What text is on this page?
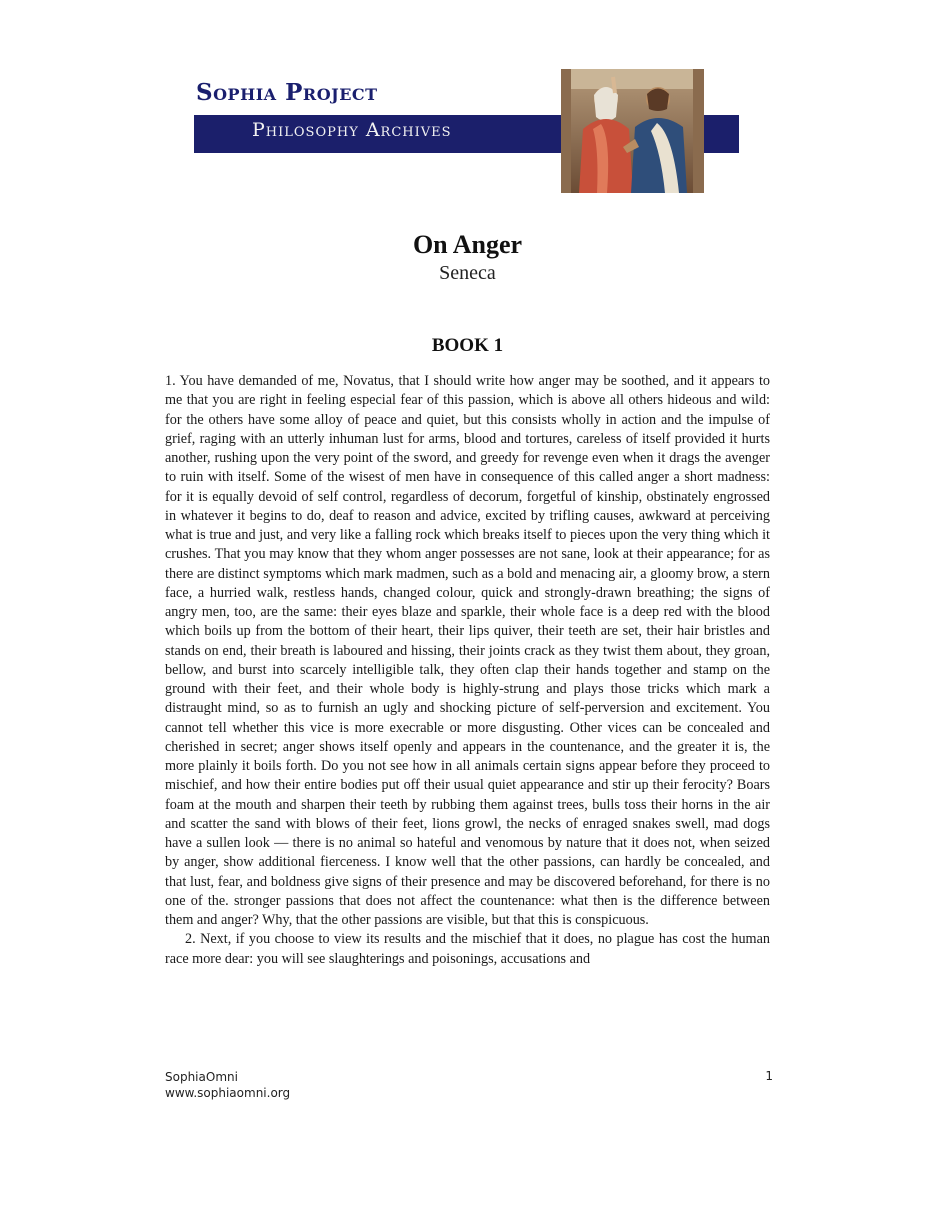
Sophia Project
Philosophy Archives
On Anger

Seneca

BOOK 1

1. You have demanded of me, Novatus, that I should write how anger may be soothed, and it appears to me that you are right in feeling especial fear of this passion, which is above all others hideous and wild: for the others have some alloy of peace and quiet, but this consists wholly in action and the impulse of grief, raging with an utterly inhuman lust for arms, blood and tortures, careless of itself provided it hurts another, rushing upon the very point of the sword, and greedy for revenge even when it drags the avenger to ruin with itself. Some of the wisest of men have in consequence of this called anger a short madness: for it is equally devoid of self control, regardless of decorum, forgetful of kinship, obstinately engrossed in whatever it begins to do, deaf to reason and advice, excited by trifling causes, awkward at perceiving what is true and just, and very like a falling rock which breaks itself to pieces upon the very thing which it crushes. That you may know that they whom anger possesses are not sane, look at their appearance; for as there are distinct symptoms which mark madmen, such as a bold and menacing air, a gloomy brow, a stern face, a hurried walk, restless hands, changed colour, quick and strongly-drawn breathing; the signs of angry men, too, are the same: their eyes blaze and sparkle, their whole face is a deep red with the blood which boils up from the bottom of their heart, their lips quiver, their teeth are set, their hair bristles and stands on end, their breath is laboured and hissing, their joints crack as they twist them about, they groan, bellow, and burst into scarcely intelligible talk, they often clap their hands together and stamp on the ground with their feet, and their whole body is highly-strung and plays those tricks which mark a distraught mind, so as to furnish an ugly and shocking picture of self-perversion and excitement. You cannot tell whether this vice is more execrable or more disgusting. Other vices can be concealed and cherished in secret; anger shows itself openly and appears in the countenance, and the greater it is, the more plainly it boils forth. Do you not see how in all animals certain signs appear before they proceed to mischief, and how their entire bodies put off their usual quiet appearance and stir up their ferocity? Boars foam at the mouth and sharpen their teeth by rubbing them against trees, bulls toss their horns in the air and scatter the sand with blows of their feet, lions growl, the necks of enraged snakes swell, mad dogs have a sullen look — there is no animal so hateful and venomous by nature that it does not, when seized by anger, show additional fierceness. I know well that the other passions, can hardly be concealed, and that lust, fear, and boldness give signs of their presence and may be discovered beforehand, for there is no one of the. stronger passions that does not affect the countenance: what then is the difference between them and anger? Why, that the other passions are visible, but that this is conspicuous.

2. Next, if you choose to view its results and the mischief that it does, no plague has cost the human race more dear: you will see slaughterings and poisonings, accusations and

SophiaOmni
www.sophiaomni.org
1
